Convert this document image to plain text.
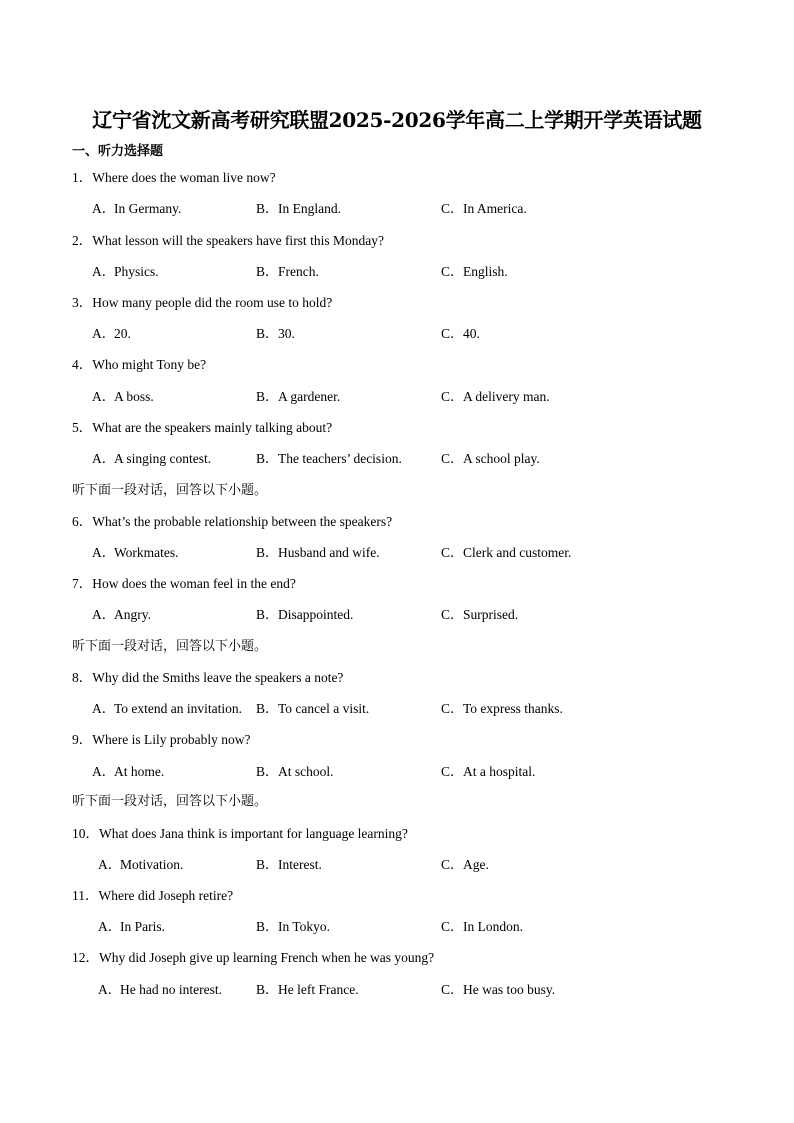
辽宁省沈文新高考研究联盟2025-2026学年高二上学期开学英语试题
一、听力选择题
1．Where does the woman live now?
A．In Germany.	B．In England.	C．In America.
2．What lesson will the speakers have first this Monday?
A．Physics.	B．French.	C．English.
3．How many people did the room use to hold?
A．20.	B．30.	C．40.
4．Who might Tony be?
A．A boss.	B．A gardener.	C．A delivery man.
5．What are the speakers mainly talking about?
A．A singing contest.	B．The teachers’ decision.	C．A school play.
听下面一段对话，回答以下小题。
6．What’s the probable relationship between the speakers?
A．Workmates.	B．Husband and wife.	C．Clerk and customer.
7．How does the woman feel in the end?
A．Angry.	B．Disappointed.	C．Surprised.
听下面一段对话，回答以下小题。
8．Why did the Smiths leave the speakers a note?
A．To extend an invitation. B．To cancel a visit.	C．To express thanks.
9．Where is Lily probably now?
A．At home.	B．At school.	C．At a hospital.
听下面一段对话，回答以下小题。
10．What does Jana think is important for language learning?
A．Motivation.	B．Interest.	C．Age.
11．Where did Joseph retire?
A．In Paris.	B．In Tokyo.	C．In London.
12．Why did Joseph give up learning French when he was young?
A．He had no interest.	B．He left France.	C．He was too busy.
